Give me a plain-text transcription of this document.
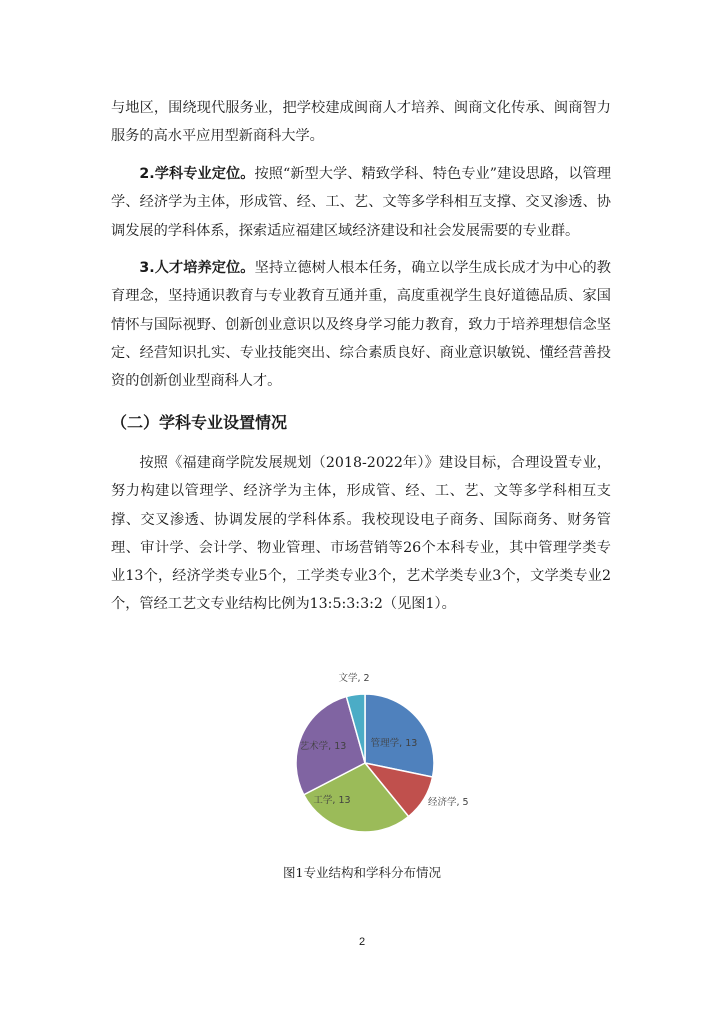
与地区，围绕现代服务业，把学校建成闽商人才培养、闽商文化传承、闽商智力服务的高水平应用型新商科大学。

2.学科专业定位。按照“新型大学、精致学科、特色专业”建设思路，以管理学、经济学为主体，形成管、经、工、艺、文等多学科相互支撑、交叉渗透、协调发展的学科体系，探索适应福建区域经济建设和社会发展需要的专业群。

3.人才培养定位。坚持立德树人根本任务，确立以学生成长成才为中心的教育理念，坚持通识教育与专业教育互通并重，高度重视学生良好道德品质、家国情怀与国际视野、创新创业意识以及终身学习能力教育，致力于培养理想信念坚定、经营知识扎实、专业技能突出、综合素质良好、商业意识敏锐、懂经营善投资的创新创业型商科人才。

（二）学科专业设置情况

按照《福建商学院发展规划（2018-2022年）》建设目标，合理设置专业，努力构建以管理学、经济学为主体，形成管、经、工、艺、文等多学科相互支撑、交叉渗透、协调发展的学科体系。我校现设电子商务、国际商务、财务管理、审计学、会计学、物业管理、市场营销等26个本科专业，其中管理学类专业13个，经济学类专业5个，工学类专业3个，艺术学类专业3个，文学类专业2个，管经工艺文专业结构比例为13:5:3:3:2（见图1）。

管理学, 13
经济学, 5
工学, 13
艺术学, 13
文学, 2

图1专业结构和学科分布情况

2
